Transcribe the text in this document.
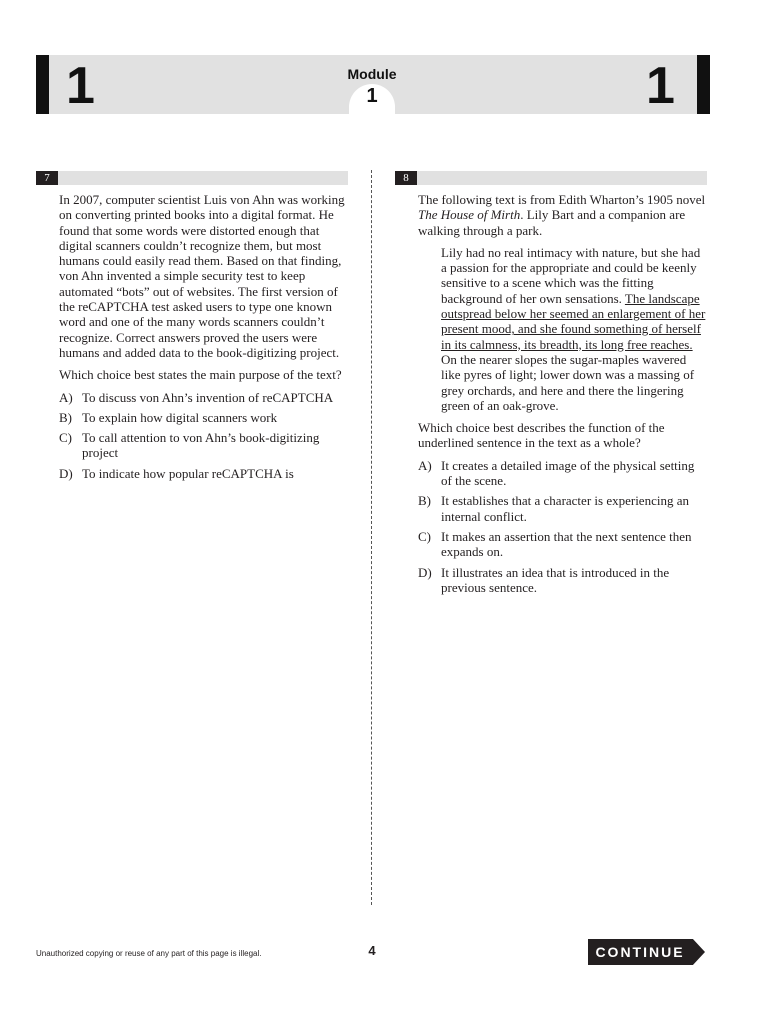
1	1
Module
1
7

In 2007, computer scientist Luis von Ahn was working on converting printed books into a digital format. He found that some words were distorted enough that digital scanners couldn’t recognize them, but most humans could easily read them. Based on that finding, von Ahn invented a simple security test to keep automated “bots” out of websites. The first version of the reCAPTCHA test asked users to type one known word and one of the many words scanners couldn’t recognize. Correct answers proved the users were humans and added data to the book-digitizing project.

Which choice best states the main purpose of the text?

A) To discuss von Ahn’s invention of reCAPTCHA
B) To explain how digital scanners work
C) To call attention to von Ahn’s book-digitizing project
D) To indicate how popular reCAPTCHA is
8

The following text is from Edith Wharton’s 1905 novel The House of Mirth. Lily Bart and a companion are walking through a park.

Lily had no real intimacy with nature, but she had a passion for the appropriate and could be keenly sensitive to a scene which was the fitting background of her own sensations. The landscape outspread below her seemed an enlargement of her present mood, and she found something of herself in its calmness, its breadth, its long free reaches. On the nearer slopes the sugar-maples wavered like pyres of light; lower down was a massing of grey orchards, and here and there the lingering green of an oak-grove.

Which choice best describes the function of the underlined sentence in the text as a whole?

A) It creates a detailed image of the physical setting of the scene.
B) It establishes that a character is experiencing an internal conflict.
C) It makes an assertion that the next sentence then expands on.
D) It illustrates an idea that is introduced in the previous sentence.
Unauthorized copying or reuse of any part of this page is illegal.	4	CONTINUE
